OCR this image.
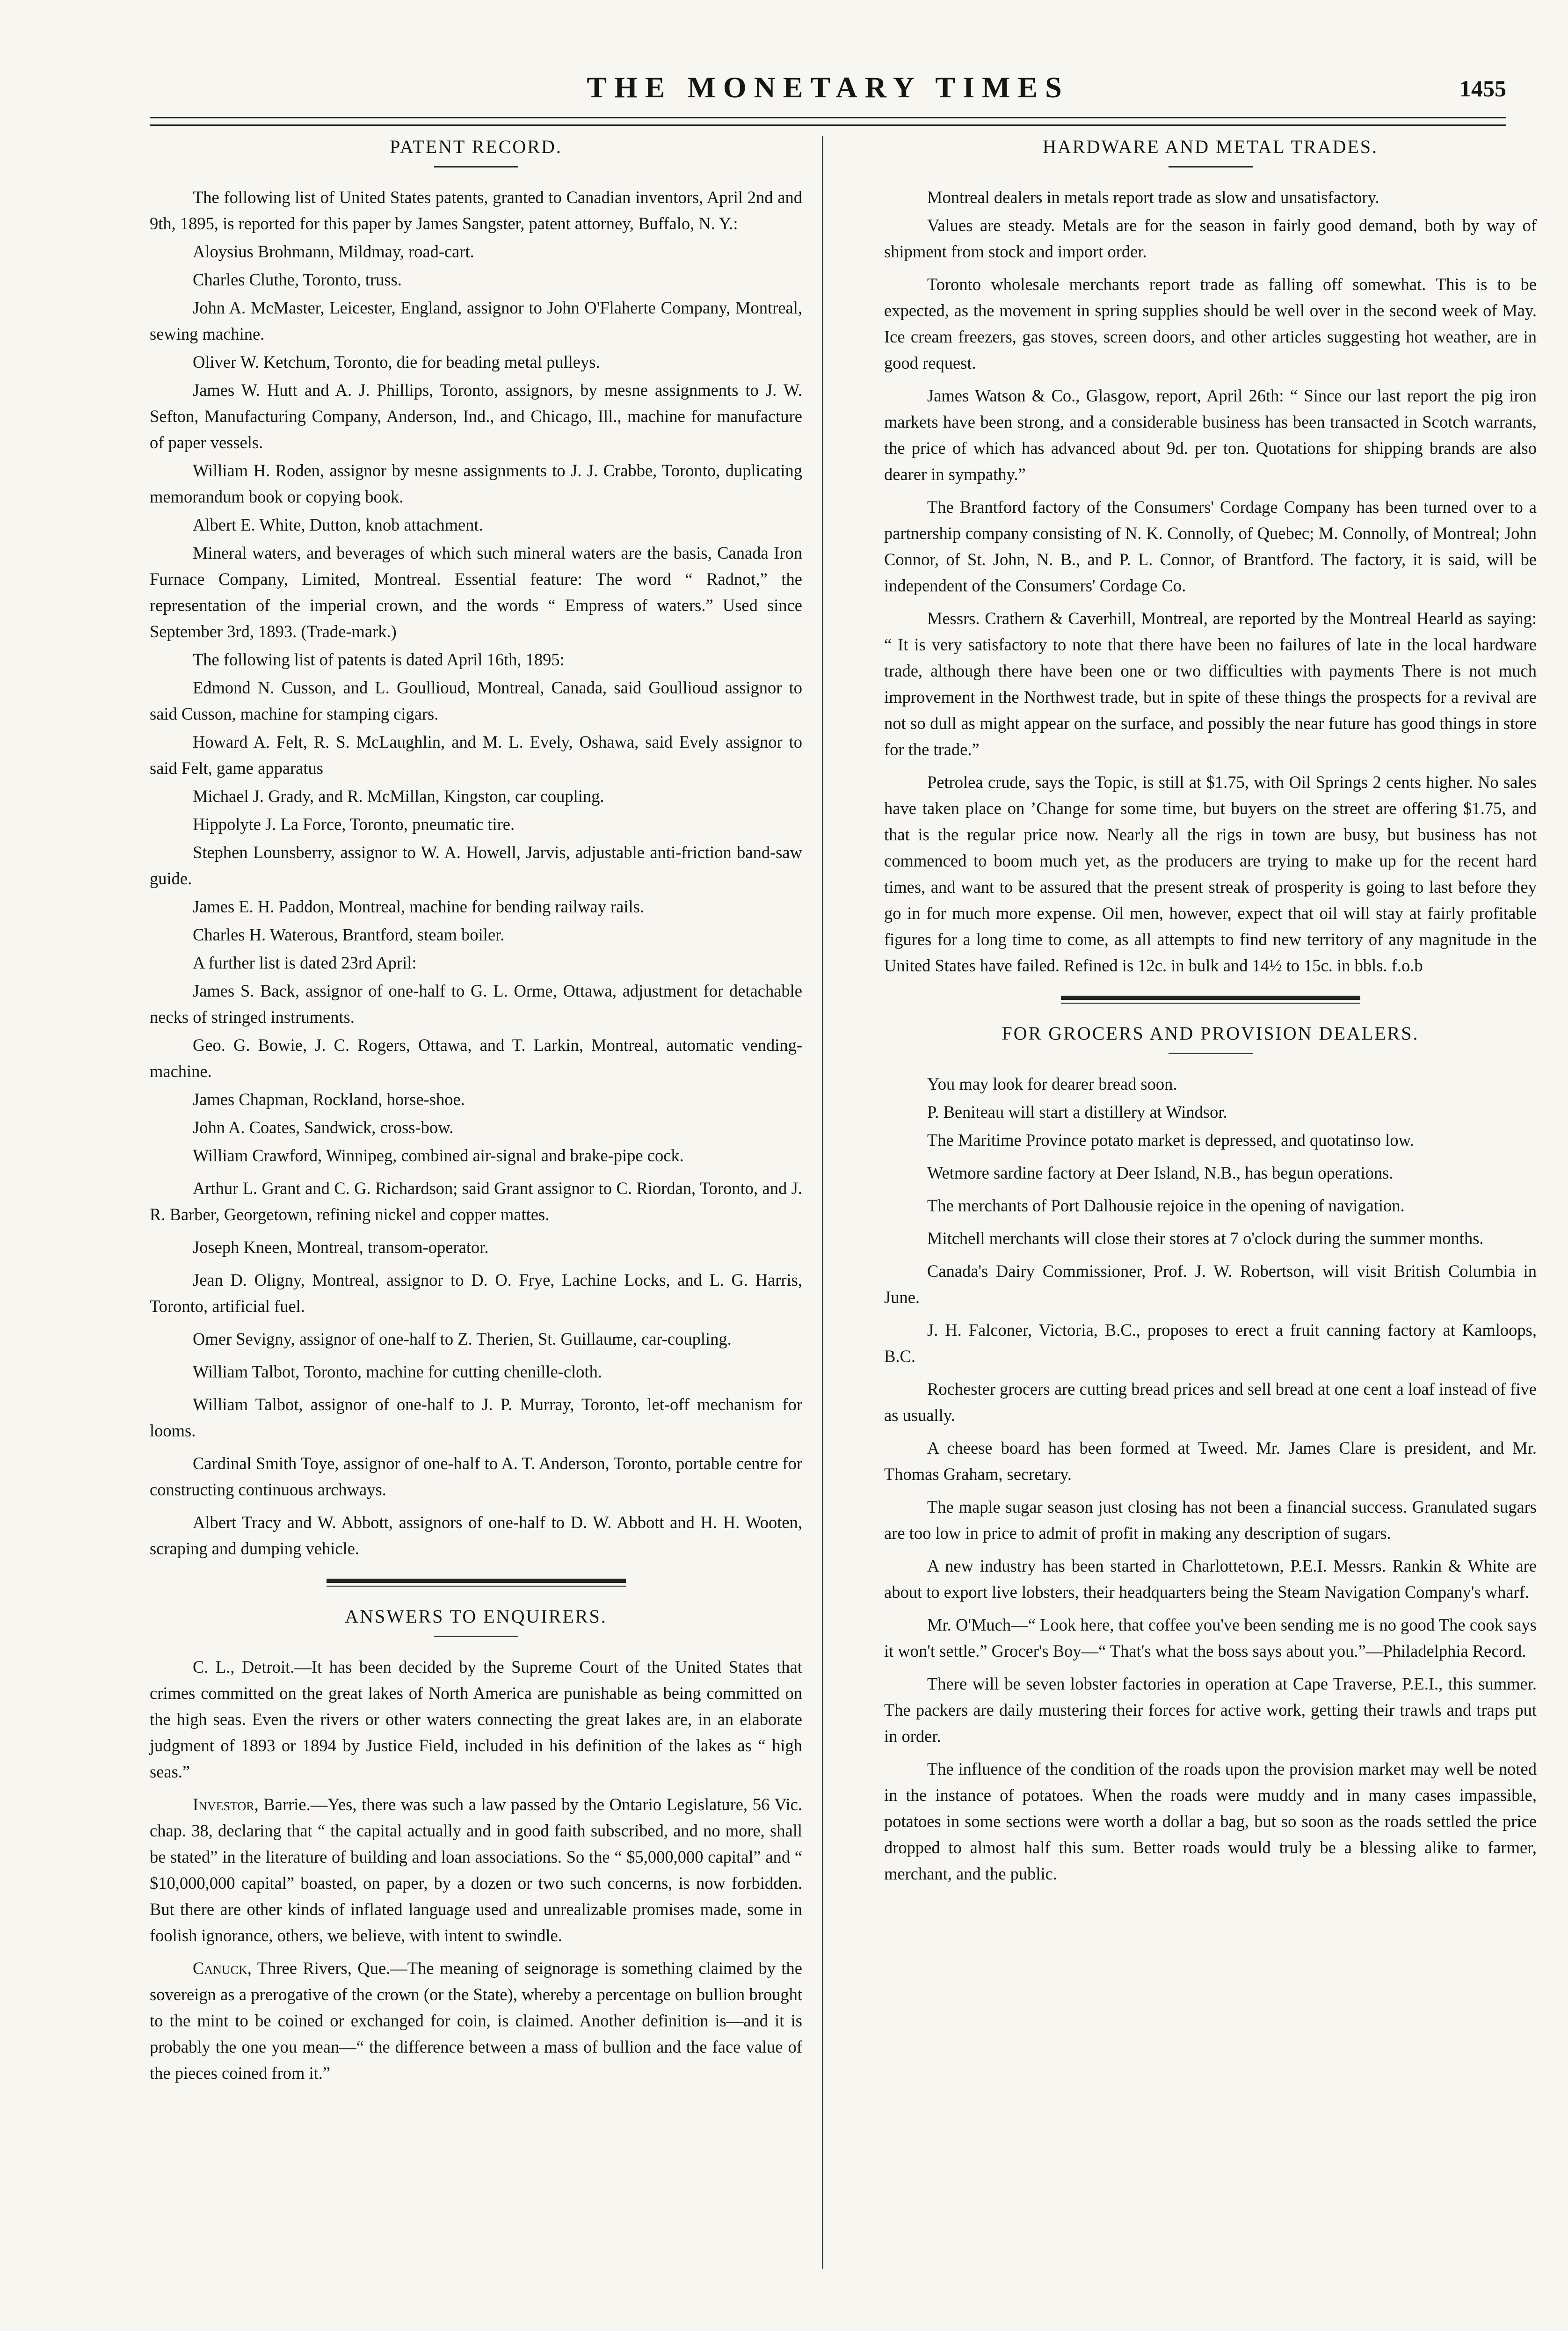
THE MONETARY TIMES	1455
PATENT RECORD.

The following list of United States patents, granted to Canadian inventors, April 2nd and 9th, 1895, is reported for this paper by James Sangster, patent attorney, Buffalo, N. Y.:

Aloysius Brohmann, Mildmay, road-cart.

Charles Cluthe, Toronto, truss.

John A. McMaster, Leicester, England, assignor to John O'Flaherte Company, Montreal, sewing machine.

Oliver W. Ketchum, Toronto, die for beading metal pulleys.

James W. Hutt and A. J. Phillips, Toronto, assignors, by mesne assignments to J. W. Sefton, Manufacturing Company, Anderson, Ind., and Chicago, Ill., machine for manufacture of paper vessels.

William H. Roden, assignor by mesne assignments to J. J. Crabbe, Toronto, duplicating memorandum book or copying book.

Albert E. White, Dutton, knob attachment.

Mineral waters, and beverages of which such mineral waters are the basis, Canada Iron Furnace Company, Limited, Montreal. Essential feature: The word “ Radnot,” the representation of the imperial crown, and the words “ Empress of waters.” Used since September 3rd, 1893. (Trade-mark.)

The following list of patents is dated April 16th, 1895:

Edmond N. Cusson, and L. Goullioud, Montreal, Canada, said Goullioud assignor to said Cusson, machine for stamping cigars.

Howard A. Felt, R. S. McLaughlin, and M. L. Evely, Oshawa, said Evely assignor to said Felt, game apparatus

Michael J. Grady, and R. McMillan, Kingston, car coupling.

Hippolyte J. La Force, Toronto, pneumatic tire.

Stephen Lounsberry, assignor to W. A. Howell, Jarvis, adjustable anti-friction band-saw guide.

James E. H. Paddon, Montreal, machine for bending railway rails.

Charles H. Waterous, Brantford, steam boiler.

A further list is dated 23rd April:

James S. Back, assignor of one-half to G. L. Orme, Ottawa, adjustment for detachable necks of stringed instruments.

Geo. G. Bowie, J. C. Rogers, Ottawa, and T. Larkin, Montreal, automatic vending-machine.

James Chapman, Rockland, horse-shoe.

John A. Coates, Sandwick, cross-bow.

William Crawford, Winnipeg, combined air-signal and brake-pipe cock.

Arthur L. Grant and C. G. Richardson; said Grant assignor to C. Riordan, Toronto, and J. R. Barber, Georgetown, refining nickel and copper mattes.

Joseph Kneen, Montreal, transom-operator.

Jean D. Oligny, Montreal, assignor to D. O. Frye, Lachine Locks, and L. G. Harris, Toronto, artificial fuel.

Omer Sevigny, assignor of one-half to Z. Therien, St. Guillaume, car-coupling.

William Talbot, Toronto, machine for cutting chenille-cloth.

William Talbot, assignor of one-half to J. P. Murray, Toronto, let-off mechanism for looms.

Cardinal Smith Toye, assignor of one-half to A. T. Anderson, Toronto, portable centre for constructing continuous archways.

Albert Tracy and W. Abbott, assignors of one-half to D. W. Abbott and H. H. Wooten, scraping and dumping vehicle.

ANSWERS TO ENQUIRERS.

C. L., Detroit.—It has been decided by the Supreme Court of the United States that crimes committed on the great lakes of North America are punishable as being committed on the high seas. Even the rivers or other waters connecting the great lakes are, in an elaborate judgment of 1893 or 1894 by Justice Field, included in his definition of the lakes as “ high seas.”

Investor, Barrie.—Yes, there was such a law passed by the Ontario Legislature, 56 Vic. chap. 38, declaring that “ the capital actually and in good faith subscribed, and no more, shall be stated” in the literature of building and loan associations. So the “ $5,000,000 capital” and “ $10,000,000 capital” boasted, on paper, by a dozen or two such concerns, is now forbidden. But there are other kinds of inflated language used and unrealizable promises made, some in foolish ignorance, others, we believe, with intent to swindle.

Canuck, Three Rivers, Que.—The meaning of seignorage is something claimed by the sovereign as a prerogative of the crown (or the State), whereby a percentage on bullion brought to the mint to be coined or exchanged for coin, is claimed. Another definition is—and it is probably the one you mean—“ the difference between a mass of bullion and the face value of the pieces coined from it.”

HARDWARE AND METAL TRADES.

Montreal dealers in metals report trade as slow and unsatisfactory.

Values are steady. Metals are for the season in fairly good demand, both by way of shipment from stock and import order.

Toronto wholesale merchants report trade as falling off somewhat. This is to be expected, as the movement in spring supplies should be well over in the second week of May. Ice cream freezers, gas stoves, screen doors, and other articles suggesting hot weather, are in good request.

James Watson & Co., Glasgow, report, April 26th: “ Since our last report the pig iron markets have been strong, and a considerable business has been transacted in Scotch warrants, the price of which has advanced about 9d. per ton. Quotations for shipping brands are also dearer in sympathy.”

The Brantford factory of the Consumers' Cordage Company has been turned over to a partnership company consisting of N. K. Connolly, of Quebec; M. Connolly, of Montreal; John Connor, of St. John, N. B., and P. L. Connor, of Brantford. The factory, it is said, will be independent of the Consumers' Cordage Co.

Messrs. Crathern & Caverhill, Montreal, are reported by the Montreal Hearld as saying: “ It is very satisfactory to note that there have been no failures of late in the local hardware trade, although there have been one or two difficulties with payments There is not much improvement in the Northwest trade, but in spite of these things the prospects for a revival are not so dull as might appear on the surface, and possibly the near future has good things in store for the trade.”

Petrolea crude, says the Topic, is still at $1.75, with Oil Springs 2 cents higher. No sales have taken place on ’Change for some time, but buyers on the street are offering $1.75, and that is the regular price now. Nearly all the rigs in town are busy, but business has not commenced to boom much yet, as the producers are trying to make up for the recent hard times, and want to be assured that the present streak of prosperity is going to last before they go in for much more expense. Oil men, however, expect that oil will stay at fairly profitable figures for a long time to come, as all attempts to find new territory of any magnitude in the United States have failed. Refined is 12c. in bulk and 14½ to 15c. in bbls. f.o.b

FOR GROCERS AND PROVISION DEALERS.

You may look for dearer bread soon.

P. Beniteau will start a distillery at Windsor.

The Maritime Province potato market is depressed, and quotatinso low.

Wetmore sardine factory at Deer Island, N.B., has begun operations.

The merchants of Port Dalhousie rejoice in the opening of navigation.

Mitchell merchants will close their stores at 7 o'clock during the summer months.

Canada's Dairy Commissioner, Prof. J. W. Robertson, will visit British Columbia in June.

J. H. Falconer, Victoria, B.C., proposes to erect a fruit canning factory at Kamloops, B.C.

Rochester grocers are cutting bread prices and sell bread at one cent a loaf instead of five as usually.

A cheese board has been formed at Tweed. Mr. James Clare is president, and Mr. Thomas Graham, secretary.

The maple sugar season just closing has not been a financial success. Granulated sugars are too low in price to admit of profit in making any description of sugars.

A new industry has been started in Charlottetown, P.E.I. Messrs. Rankin & White are about to export live lobsters, their headquarters being the Steam Navigation Company's wharf.

Mr. O'Much—“ Look here, that coffee you've been sending me is no good The cook says it won't settle.” Grocer's Boy—“ That's what the boss says about you.”—Philadelphia Record.

There will be seven lobster factories in operation at Cape Traverse, P.E.I., this summer. The packers are daily mustering their forces for active work, getting their trawls and traps put in order.

The influence of the condition of the roads upon the provision market may well be noted in the instance of potatoes. When the roads were muddy and in many cases impassible, potatoes in some sections were worth a dollar a bag, but so soon as the roads settled the price dropped to almost half this sum. Better roads would truly be a blessing alike to farmer, merchant, and the public.
